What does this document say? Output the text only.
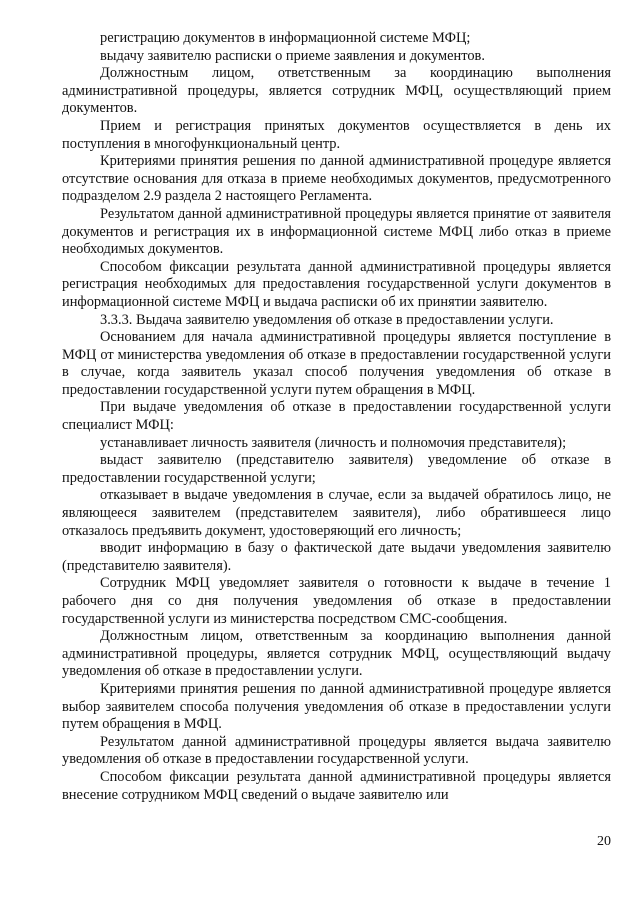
регистрацию документов в информационной системе МФЦ;

выдачу заявителю расписки о приеме заявления и документов.

Должностным лицом, ответственным за координацию выполнения административной процедуры, является сотрудник МФЦ, осуществляющий прием документов.

Прием и регистрация принятых документов осуществляется в день их поступления в многофункциональный центр.

Критериями принятия решения по данной административной процедуре является отсутствие основания для отказа в приеме необходимых документов, предусмотренного подразделом 2.9 раздела 2 настоящего Регламента.

Результатом данной административной процедуры является принятие от заявителя документов и регистрация их в информационной системе МФЦ либо отказ в приеме необходимых документов.

Способом фиксации результата данной административной процедуры является регистрация необходимых для предоставления государственной услуги документов в информационной системе МФЦ и выдача расписки об их принятии заявителю.

3.3.3. Выдача заявителю уведомления об отказе в предоставлении услуги.

Основанием для начала административной процедуры является поступление в МФЦ от министерства уведомления об отказе в предоставлении государственной услуги в случае, когда заявитель указал способ получения уведомления об отказе в предоставлении государственной услуги путем обращения в МФЦ.

При выдаче уведомления об отказе в предоставлении государственной услуги специалист МФЦ:

устанавливает личность заявителя (личность и полномочия представителя);

выдаст заявителю (представителю заявителя) уведомление об отказе в предоставлении государственной услуги;

отказывает в выдаче уведомления в случае, если за выдачей обратилось лицо, не являющееся заявителем (представителем заявителя), либо обратившееся лицо отказалось предъявить документ, удостоверяющий его личность;

вводит информацию в базу о фактической дате выдачи уведомления заявителю (представителю заявителя).

Сотрудник МФЦ уведомляет заявителя о готовности к выдаче в течение 1 рабочего дня со дня получения уведомления об отказе в предоставлении государственной услуги из министерства посредством СМС-сообщения.

Должностным лицом, ответственным за координацию выполнения данной административной процедуры, является сотрудник МФЦ, осуществляющий выдачу уведомления об отказе в предоставлении услуги.

Критериями принятия решения по данной административной процедуре является выбор заявителем способа получения уведомления об отказе в предоставлении услуги путем обращения в МФЦ.

Результатом данной административной процедуры является выдача заявителю уведомления об отказе в предоставлении государственной услуги.

Способом фиксации результата данной административной процедуры является внесение сотрудником МФЦ сведений о выдаче заявителю или

20
